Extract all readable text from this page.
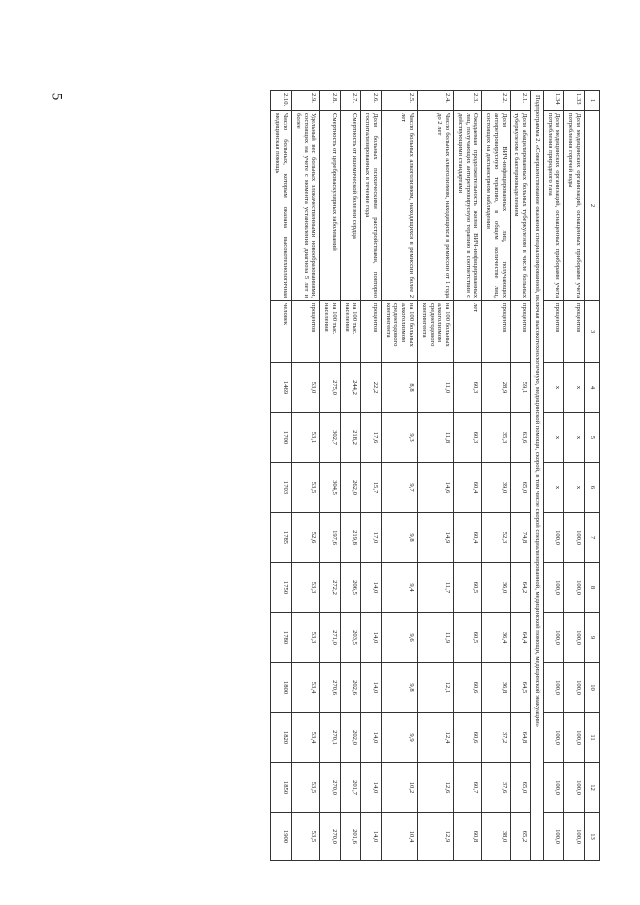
5
1	2	3	4	5	6	7	8	9	10	11	12	13
1.33	Доля медицинских организаций, оснащенных приборами учета потребления горячей воды	процентов	x	x	x	100,0	100,0	100,0	100,0	100,0	100,0	100,0
1.34	Доля медицинских организаций, оснащенных приборами учета потребления природного газа	процентов	x	x	x	100,0	100,0	100,0	100,0	100,0	100,0	100,0
Подпрограмма 2. «Совершенствование оказания специализированной, включая высокотехнологичную, медицинской помощи, скорой, в том числе скорой специализированной, медицинской помощи, медицинской эвакуации»												
2.1.	Доля абацилированных больных туберкулезом в числе больных туберкулезом с бактериовыделением	процентов	59,1	63,6	65,0	74,8	64,2	64,4	64,5	64,8	65,0	65,2
2.2.	Доля ВИЧ-инфицированных лиц, получающих антиретровирусную терапию, в общем количестве лиц, состоящих на диспансерном наблюдении	процентов	28,9	35,3	39,0	52,3	36,0	36,4	36,8	37,2	37,6	38,0
2.3.	Ожидаемая продолжительность жизни ВИЧ-инфицированных лиц, получающих антиретровирусную терапию в соответствии с действующими стандартами	лет	60,3	60,3	60,4	60,4	60,5	60,5	60,6	60,6	60,7	60,8
2.4.	Число больных алкоголизмом, находящихся в ремиссии от 1 года до 2 лет	на 100 больных алкоголизмом среднегодового контингента	11,0	11,8	14,6	14,9	11,7	11,9	12,1	12,4	12,6	12,9
2.5.	Число больных алкоголизмом, находящихся в ремиссии более 2 лет	на 100 больных алкоголизмом среднегодового контингента	8,8	9,3	9,7	9,8	9,4	9,6	9,8	9,9	10,2	10,4
2.6.	Доля больных психическими расстройствами, повторно госпитализированных в течение года	процентов	22,2	17,6	15,7	17,0	14,0	14,0	14,0	14,0	14,0	14,0
2.7.	Смертность от ишемической болезни сердца	на 100 тыс. населения	244,2	218,2	262,0	219,8	206,5	203,5	202,6	202,0	201,7	201,6
2.8.	Смертность от цереброваскулярных заболеваний	на 100 тыс. населения	275,0	302,7	304,5	197,6	272,2	271,0	270,6	270,1	270,0	270,0
2.9.	Удельный вес больных злокачественными новообразованиями, состоящих на учете с момента установления диагноза 5 лет и более	процентов	53,0	53,1	53,5	52,6	53,3	53,3	53,4	53,4	53,5	53,5
2.10.	Число больных, которым оказана высокотехнологичная медицинская помощь	человек	1469	1700	1703	1785	1750	1780	1800	1820	1850	1900
